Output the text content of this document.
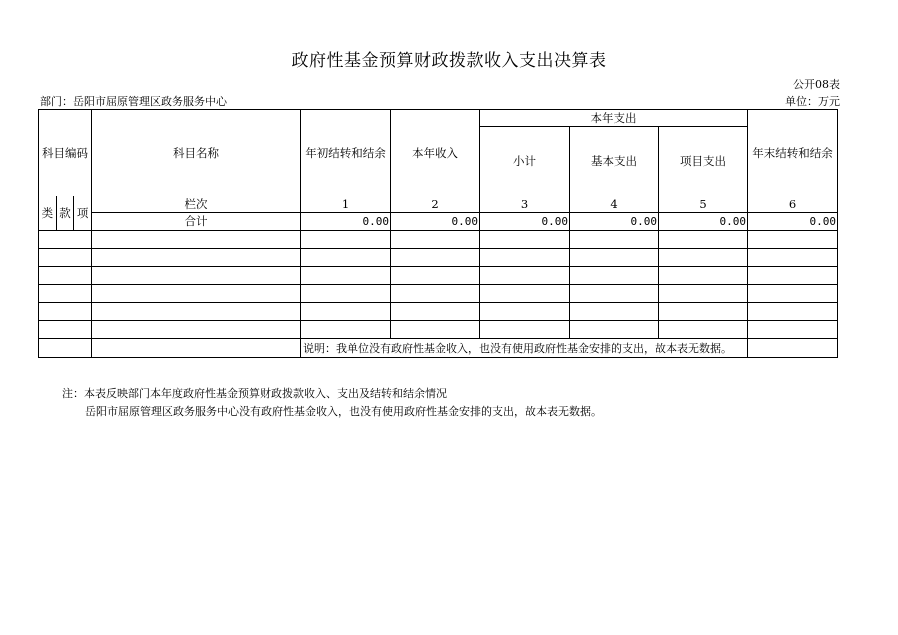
政府性基金预算财政拨款收入支出决算表
公开08表
部门：岳阳市屈原管理区政务服务中心	单位：万元
科目编码	科目名称	年初结转和结余	本年收入	本年支出			年末结转和结余
				小计	基本支出	项目支出	

类 款 项	栏次	1	2	3	4	5	6
	合计	0.00	0.00	0.00	0.00	0.00	0.00

		说明：我单位没有政府性基金收入，也没有使用政府性基金安排的支出，故本表无数据。					
注：本表反映部门本年度政府性基金预算财政拨款收入、支出及结转和结余情况
岳阳市屈原管理区政务服务中心没有政府性基金收入，也没有使用政府性基金安排的支出，故本表无数据。
